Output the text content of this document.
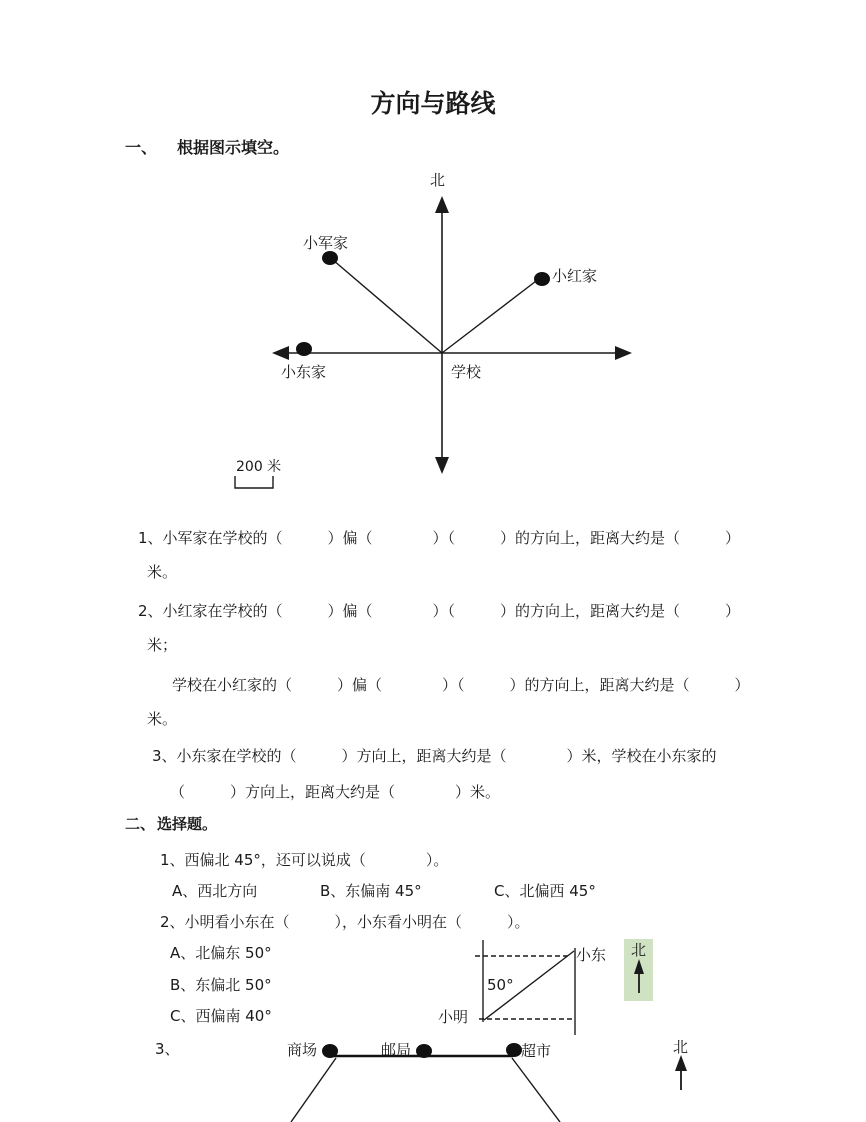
方向与路线
一、 根据图示填空。
北
小军家
小红家
小东家	学校
200 米
1、小军家在学校的（　　　）偏（　　　　）（　　　）的方向上，距离大约是（　　　）
米。
2、小红家在学校的（　　　）偏（　　　　）（　　　）的方向上，距离大约是（　　　）
米；
学校在小红家的（　　　）偏（　　　　）（　　　）的方向上，距离大约是（　　　）
米。
3、小东家在学校的（　　　）方向上，距离大约是（　　　　）米，学校在小东家的
（　　　）方向上，距离大约是（　　　　）米。
二、 选择题。
1、西偏北 45°，还可以说成（　　　　）。
A、西北方向	B、东偏南 45°	C、北偏西 45°
2、小明看小东在（　　　），小东看小明在（　　　）。
A、北偏东 50°
B、东偏北 50°
C、西偏南 40°	小明
小东
50°
北
3、	商场	邮局	超市	北
